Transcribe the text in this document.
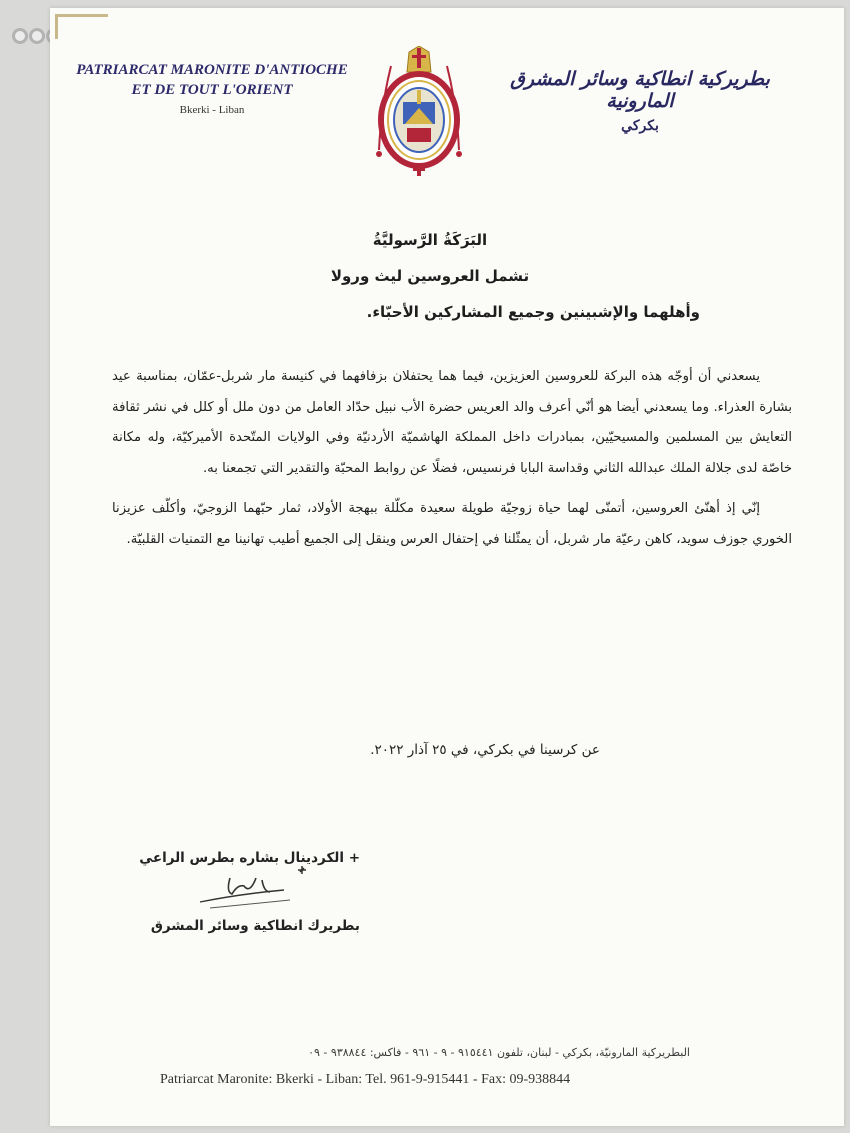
PATRIARCAT MARONITE D'ANTIOCHE
ET DE TOUT L'ORIENT
Bkerki - Liban
بطريركية انطاكية وسائر المشرق المارونية
بكركي
البَرَكَةُ الرَّسوليَّةُ
تشمل العروسين ليث ورولا
وأهلهما والإشبينين وجميع المشاركين الأحبّاء.

يسعدني أن أوجّه هذه البركة للعروسين العزيزين، فيما هما يحتفلان بزفافهما في كنيسة مار شربل-عمّان، بمناسبة عيد بشارة العذراء. وما يسعدني أيضا هو أنّي أعرف والد العريس حضرة الأب نبيل حدّاد العامل من دون ملل أو كلل في نشر ثقافة التعايش بين المسلمين والمسيحيّين، بمبادرات داخل المملكة الهاشميّة الأردنيّة وفي الولايات المتّحدة الأميركيّة، وله مكانة خاصّة لدى جلالة الملك عبدالله الثاني وقداسة البابا فرنسيس، فضلًا عن روابط المحبّة والتقدير التي تجمعنا به.

إنّي إذ أهنّئ العروسين، أتمنّى لهما حياة زوجيّة طويلة سعيدة مكلّلة ببهجة الأولاد، ثمار حبّهما الزوجيّ، وأكلّف عزيزنا الخوري جوزف سويد، كاهن رعيّة مار شربل، أن يمثّلنا في إحتفال العرس وينقل إلى الجميع أطيب تهانينا مع التمنيات القلبيّة.

عن كرسينا في بكركي، في ٢٥ آذار ٢٠٢٢.
+ الكردينال بشاره بطرس الراعي
بطريرك انطاكية وسائر المشرق
البطريركية المارونيّة، بكركي - لبنان، تلفون ٩١٥٤٤١ - ٩ - ٩٦١ - فاكس: ٩٣٨٨٤٤ - ٠٩
Patriarcat Maronite: Bkerki - Liban: Tel. 961-9-915441 - Fax: 09-938844
